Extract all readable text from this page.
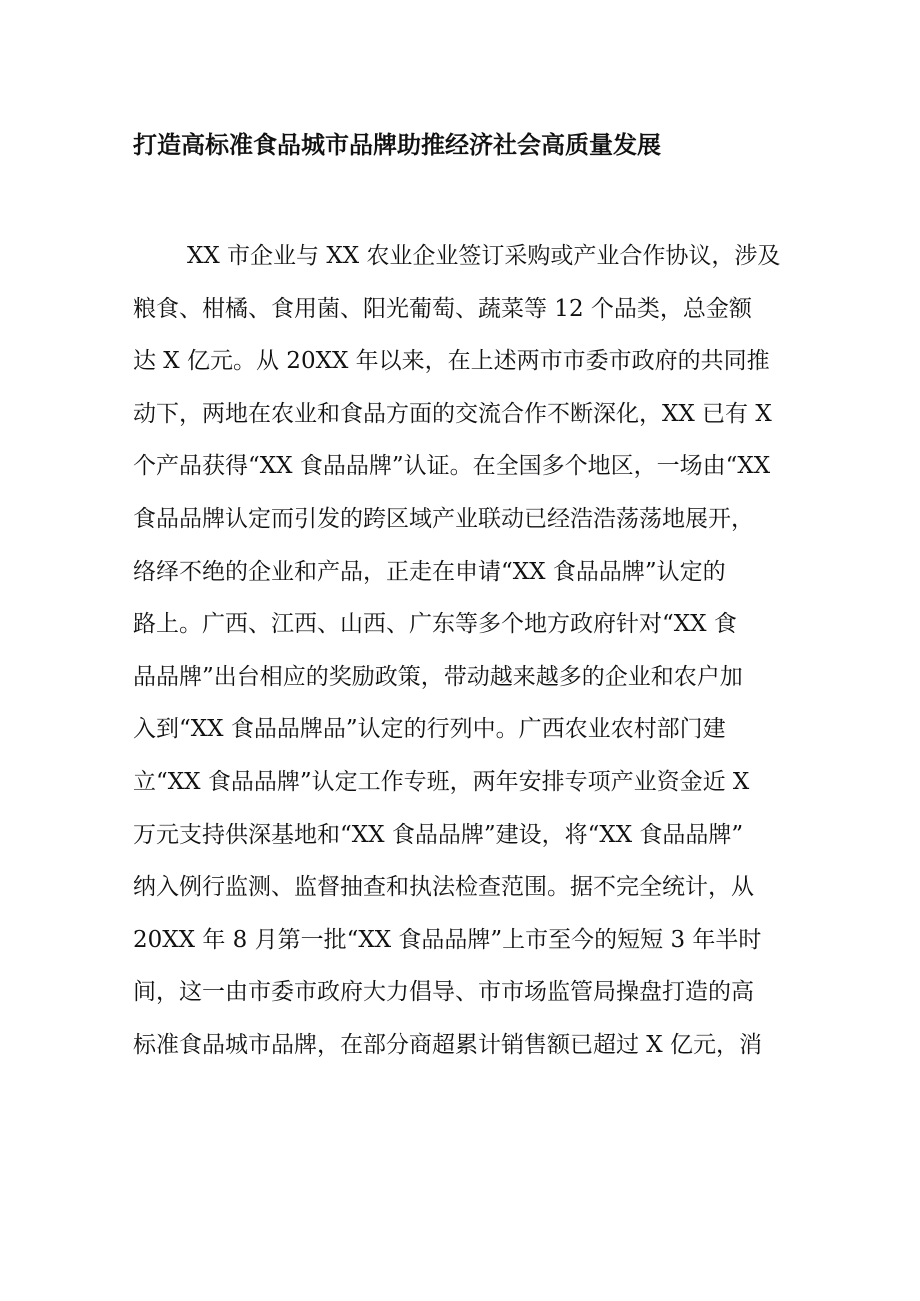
打造高标准食品城市品牌助推经济社会高质量发展
XX 市企业与 XX 农业企业签订采购或产业合作协议，涉及
粮食、柑橘、食用菌、阳光葡萄、蔬菜等 12 个品类，总金额
达 X 亿元。从 20XX 年以来，在上述两市市委市政府的共同推
动下，两地在农业和食品方面的交流合作不断深化，XX 已有 X
个产品获得“XX 食品品牌”认证。在全国多个地区，一场由“XX
食品品牌认定而引发的跨区域产业联动已经浩浩荡荡地展开，
络绎不绝的企业和产品，正走在申请“XX 食品品牌”认定的
路上。广西、江西、山西、广东等多个地方政府针对“XX 食
品品牌”出台相应的奖励政策，带动越来越多的企业和农户加
入到“XX 食品品牌品”认定的行列中。广西农业农村部门建
立“XX 食品品牌”认定工作专班，两年安排专项产业资金近 X
万元支持供深基地和“XX 食品品牌”建设，将“XX 食品品牌”
纳入例行监测、监督抽查和执法检查范围。据不完全统计，从
20XX 年 8 月第一批“XX 食品品牌”上市至今的短短 3 年半时
间，这一由市委市政府大力倡导、市市场监管局操盘打造的高
标准食品城市品牌，在部分商超累计销售额已超过 X 亿元，消
